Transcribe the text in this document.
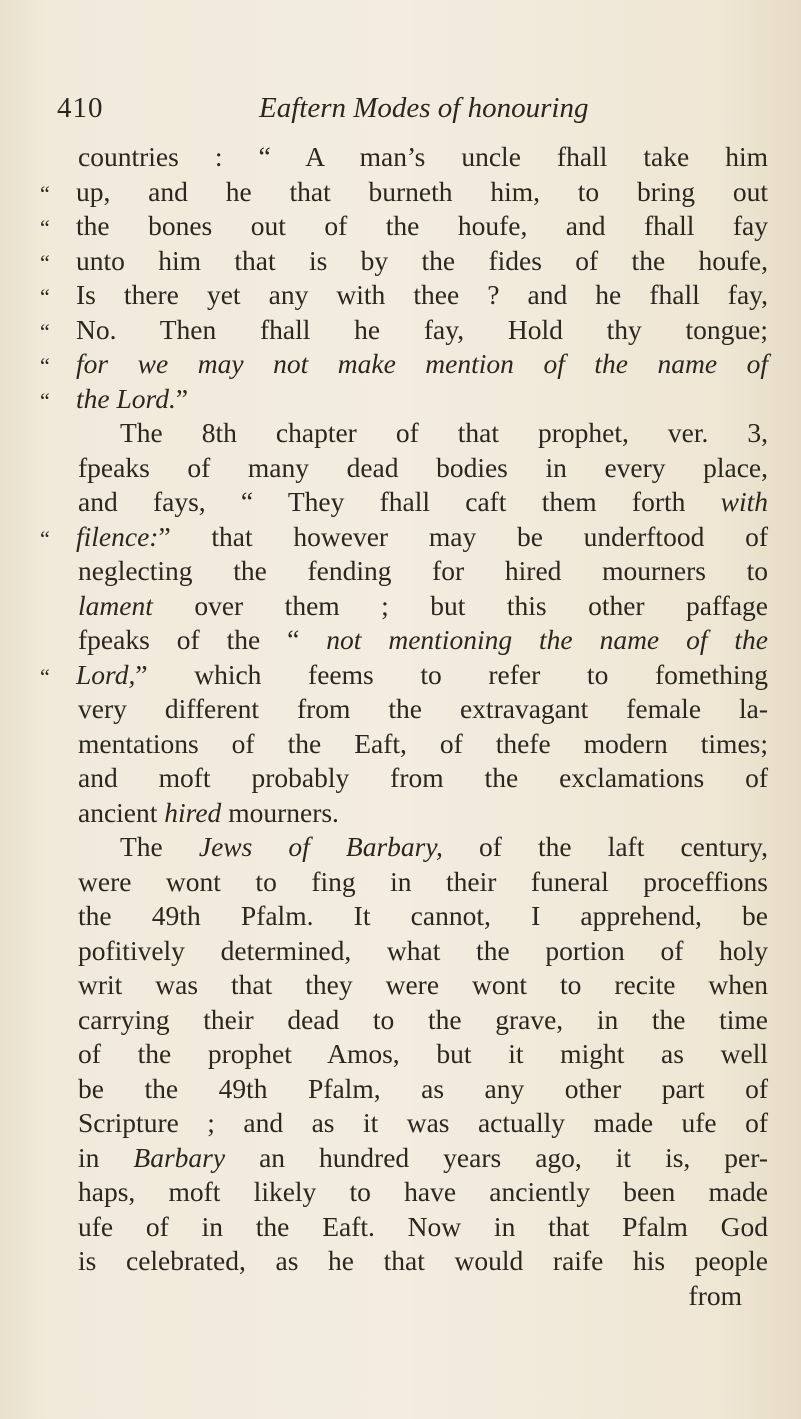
410	Eaftern Modes of honouring
countries : “ A man’s uncle fhall take him
“ up, and he that burneth him, to bring out
“ the bones out of the houfe, and fhall fay
“ unto him that is by the fides of the houfe,
“ Is there yet any with thee ? and he fhall fay,
“ No. Then fhall he fay, Hold thy tongue;
“ for we may not make mention of the name of
“ the Lord.”
The 8th chapter of that prophet, ver. 3,
fpeaks of many dead bodies in every place,
and fays, “ They fhall caft them forth with
“ filence:” that however may be underftood of
neglecting the fending for hired mourners to
lament over them ; but this other paffage
fpeaks of the “ not mentioning the name of the
“ Lord,” which feems to refer to fomething
very different from the extravagant female la-
mentations of the Eaft, of thefe modern times;
and moft probably from the exclamations of
ancient hired mourners.
The Jews of Barbary, of the laft century,
were wont to fing in their funeral proceffions
the 49th Pfalm. It cannot, I apprehend, be
pofitively determined, what the portion of holy
writ was that they were wont to recite when
carrying their dead to the grave, in the time
of the prophet Amos, but it might as well
be the 49th Pfalm, as any other part of
Scripture ; and as it was actually made ufe of
in Barbary an hundred years ago, it is, per-
haps, moft likely to have anciently been made
ufe of in the Eaft. Now in that Pfalm God
is celebrated, as he that would raife his people
from
